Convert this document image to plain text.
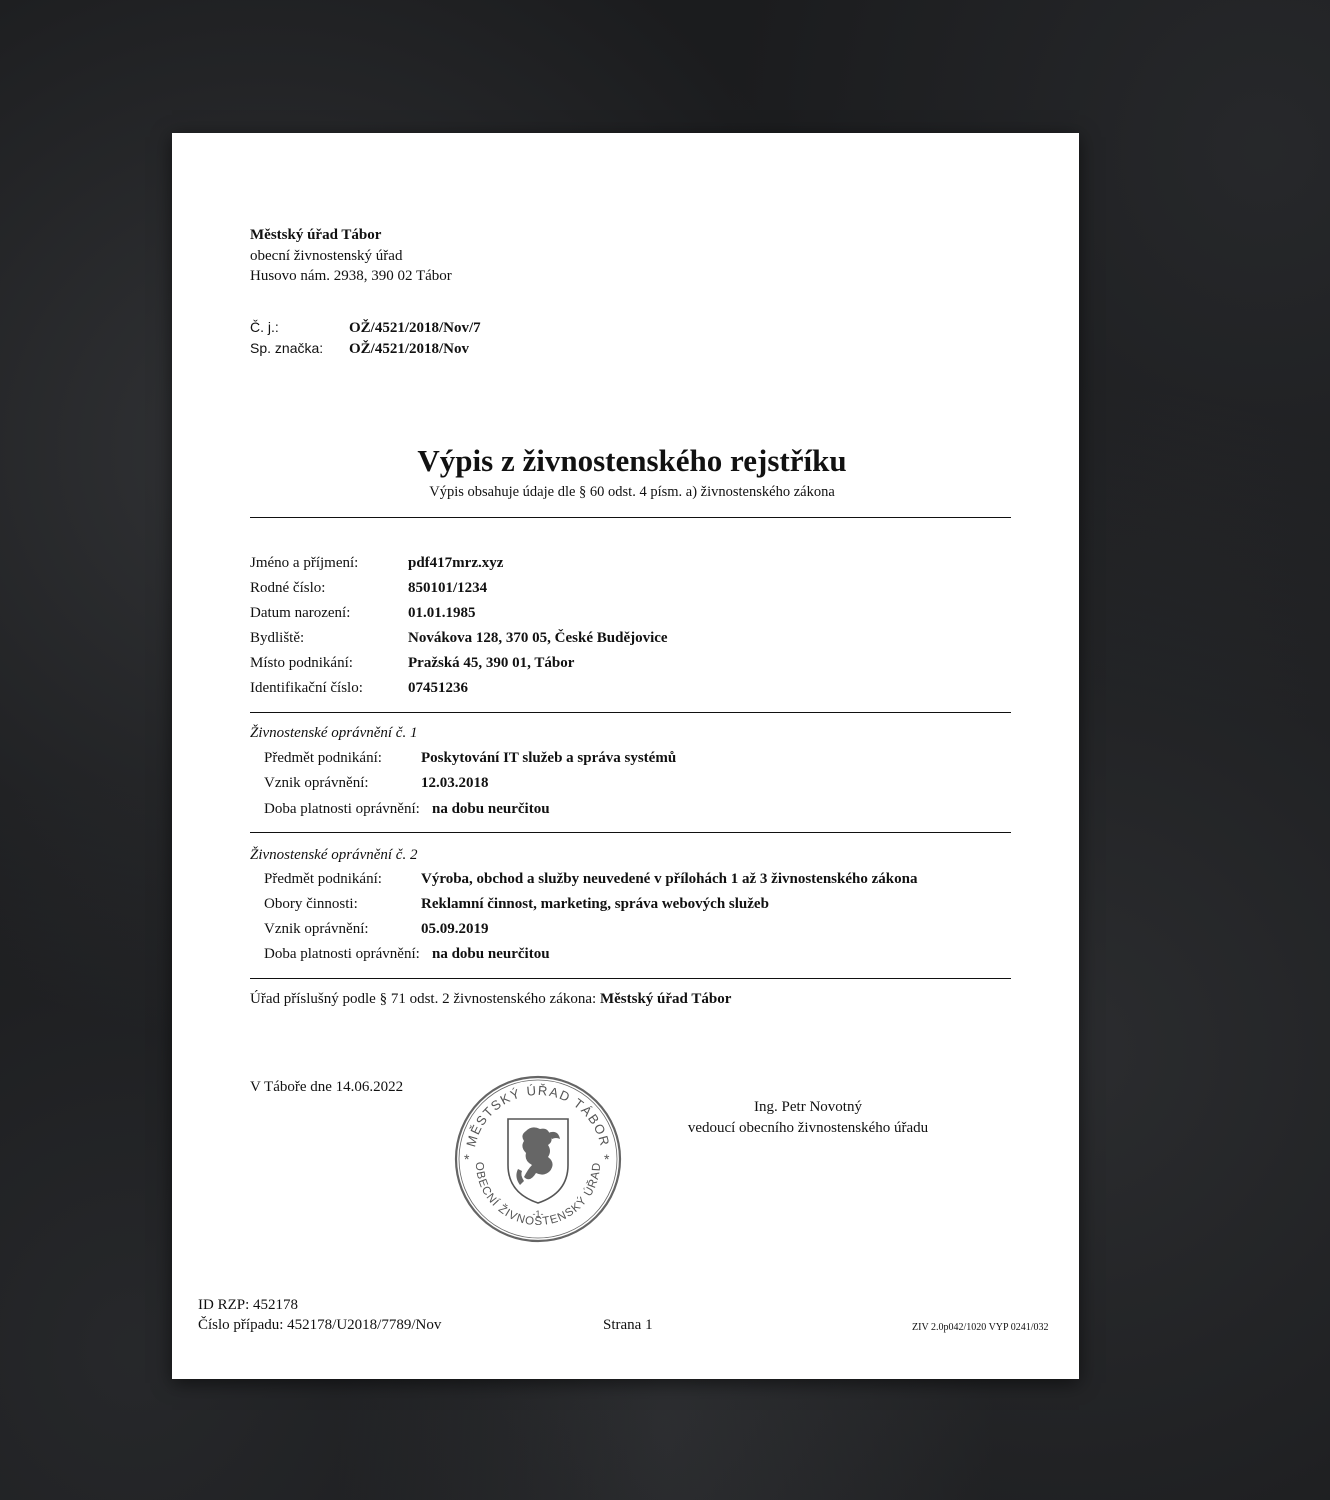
Městský úřad Tábor
obecní živnostenský úřad
Husovo nám. 2938, 390 02 Tábor
Č. j.:	OŽ/4521/2018/Nov/7
Sp. značka: OŽ/4521/2018/Nov
Výpis z živnostenského rejstříku
Výpis obsahuje údaje dle § 60 odst. 4 písm. a) živnostenského zákona
Jméno a příjmení:	pdf417mrz.xyz
Rodné číslo:	850101/1234
Datum narození:	01.01.1985
Bydliště:	Novákova 128, 370 05, České Budějovice
Místo podnikání:	Pražská 45, 390 01, Tábor
Identifikační číslo:	07451236
Živnostenské oprávnění č. 1
Předmět podnikání:	Poskytování IT služeb a správa systémů
Vznik oprávnění:	12.03.2018
Doba platnosti oprávnění: na dobu neurčitou
Živnostenské oprávnění č. 2
Předmět podnikání:	Výroba, obchod a služby neuvedené v přílohách 1 až 3 živnostenského zákona
Obory činnosti:	Reklamní činnost, marketing, správa webových služeb
Vznik oprávnění:	05.09.2019
Doba platnosti oprávnění: na dobu neurčitou
Úřad příslušný podle § 71 odst. 2 živnostenského zákona: Městský úřad Tábor
V Táboře dne 14.06.2022
MĚSTSKÝ ÚŘAD TÁBOR
OBECNÍ ŽIVNOSTENSKÝ ÚŘAD
*	*
-1-
Ing. Petr Novotný
vedoucí obecního živnostenského úřadu
ID RZP: 452178
Číslo případu: 452178/U2018/7789/Nov	Strana 1	ZIV 2.0p042/1020 VYP 0241/032
